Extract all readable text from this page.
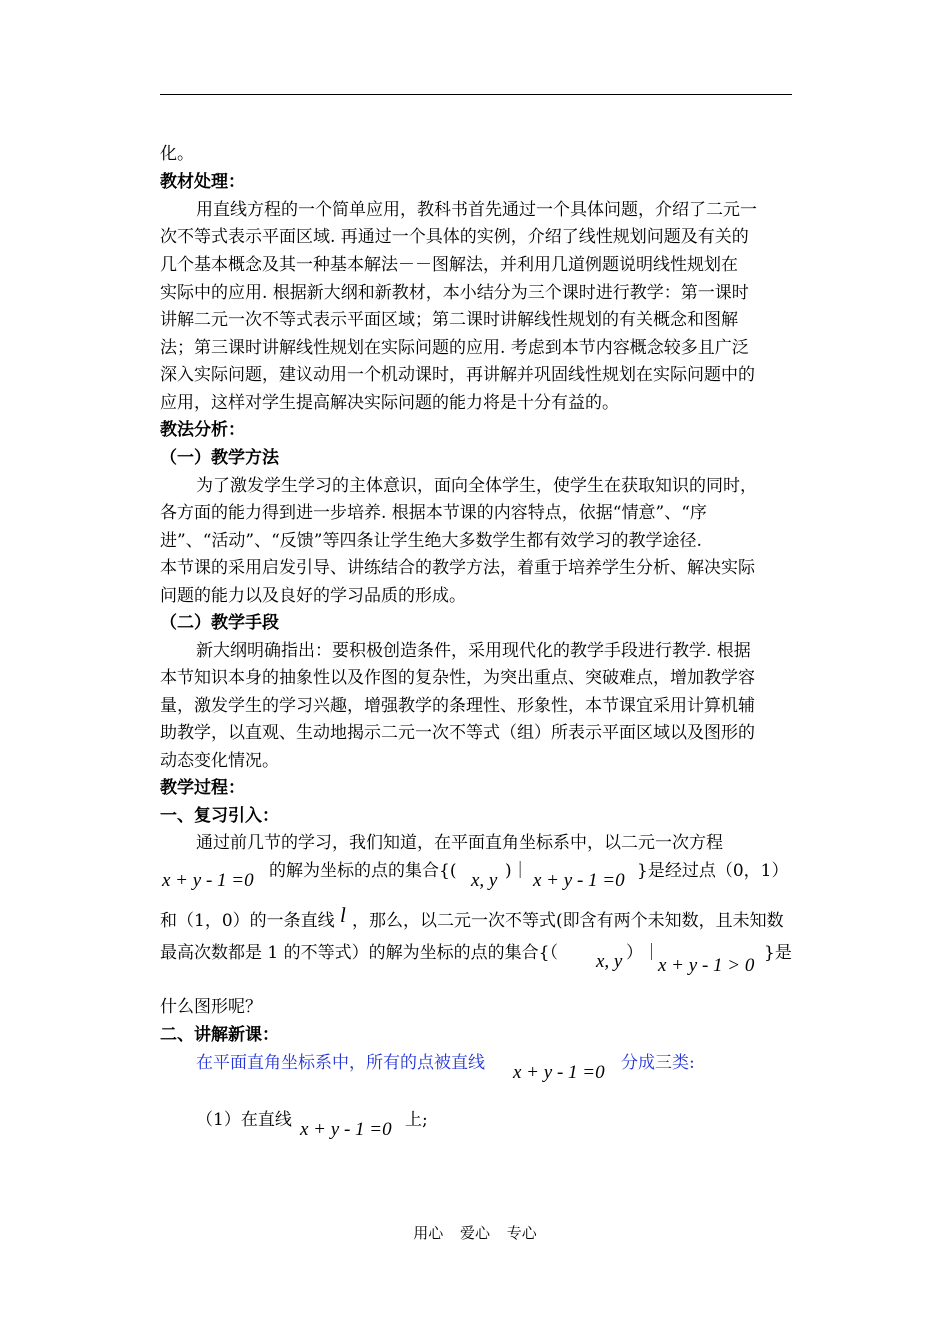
化。
教材处理：
用直线方程的一个简单应用，教科书首先通过一个具体问题，介绍了二元一
次不等式表示平面区域. 再通过一个具体的实例，介绍了线性规划问题及有关的
几个基本概念及其一种基本解法－－图解法，并利用几道例题说明线性规划在
实际中的应用. 根据新大纲和新教材，本小结分为三个课时进行教学：第一课时
讲解二元一次不等式表示平面区域；第二课时讲解线性规划的有关概念和图解
法；第三课时讲解线性规划在实际问题的应用. 考虑到本节内容概念较多且广泛
深入实际问题，建议动用一个机动课时，再讲解并巩固线性规划在实际问题中的
应用，这样对学生提高解决实际问题的能力将是十分有益的。
教法分析：
（一）教学方法
为了激发学生学习的主体意识，面向全体学生，使学生在获取知识的同时，
各方面的能力得到进一步培养. 根据本节课的内容特点，依据“情意”、“序
进”、“活动”、“反馈”等四条让学生绝大多数学生都有效学习的教学途径.
本节课的采用启发引导、讲练结合的教学方法，着重于培养学生分析、解决实际
问题的能力以及良好的学习品质的形成。
（二）教学手段
新大纲明确指出：要积极创造条件，采用现代化的教学手段进行教学. 根据
本节知识本身的抽象性以及作图的复杂性，为突出重点、突破难点，增加教学容
量，激发学生的学习兴趣，增强教学的条理性、形象性，本节课宜采用计算机辅
助教学，以直观、生动地揭示二元一次不等式（组）所表示平面区域以及图形的
动态变化情况。
教学过程：
一、复习引入：
通过前几节的学习，我们知道，在平面直角坐标系中，以二元一次方程
x + y - 1 =0 的解为坐标的点的集合{( x, y )｜ x + y - 1 =0 }是经过点（0，1）
和（1，0）的一条直线 l ，那么，以二元一次不等式(即含有两个未知数，且未知数
最高次数都是 1 的不等式）的解为坐标的点的集合{（ x, y ）｜
x + y - 1 > 0
}是
什么图形呢？
二、讲解新课：
在平面直角坐标系中，所有的点被直线 x + y - 1 =0 分成三类:
（1）在直线 x + y - 1 =0 上;
用心 爱心 专心
